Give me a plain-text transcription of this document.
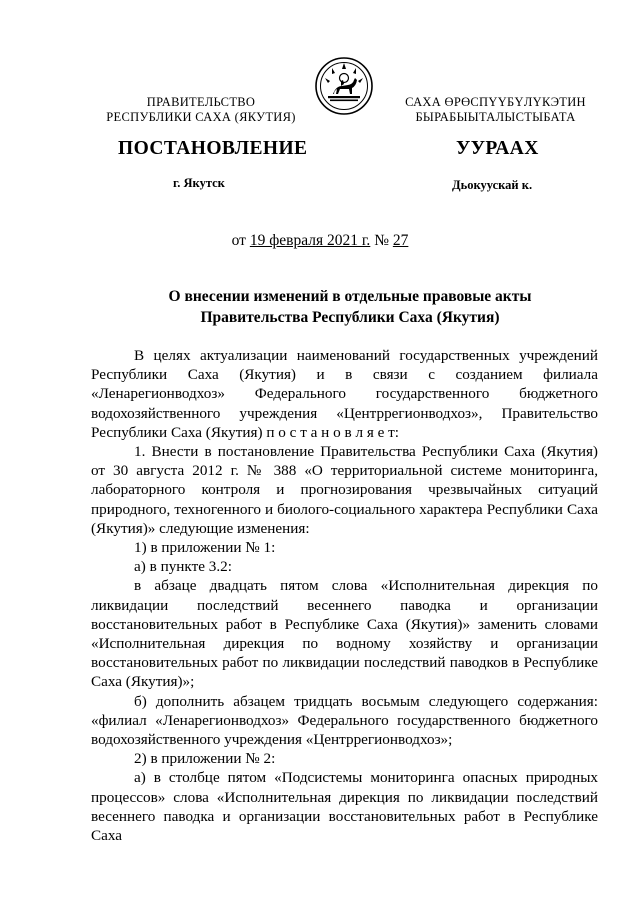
ПРАВИТЕЛЬСТВО
РЕСПУБЛИКИ САХА (ЯКУТИЯ)
САХА ӨРӨСПҮҮБҮЛҮКЭТИН
БЫРАБЫЫТАЛЫСТЫБАТА
ПОСТАНОВЛЕНИЕ	УУРААХ
г. Якутск	Дьокуускай к.
от 19 февраля 2021 г. № 27
О внесении изменений в отдельные правовые акты
Правительства Республики Саха (Якутия)

В целях актуализации наименований государственных учреждений Республики Саха (Якутия) и в связи с созданием филиала «Ленарегионводхоз» Федерального государственного бюджетного водохозяйственного учреждения «Центррегионводхоз», Правительство Республики Саха (Якутия) п о с т а н о в л я е т:

1. Внести в постановление Правительства Республики Саха (Якутия) от 30 августа 2012 г. № 388 «О территориальной системе мониторинга, лабораторного контроля и прогнозирования чрезвычайных ситуаций природного, техногенного и биолого-социального характера Республики Саха (Якутия)» следующие изменения:

1) в приложении № 1:

а) в пункте 3.2:

в абзаце двадцать пятом слова «Исполнительная дирекция по ликвидации последствий весеннего паводка и организации восстановительных работ в Республике Саха (Якутия)» заменить словами «Исполнительная дирекция по водному хозяйству и организации восстановительных работ по ликвидации последствий паводков в Республике Саха (Якутия)»;

б) дополнить абзацем тридцать восьмым следующего содержания: «филиал «Ленарегионводхоз» Федерального государственного бюджетного водохозяйственного учреждения «Центррегионводхоз»;

2) в приложении № 2:

а) в столбце пятом «Подсистемы мониторинга опасных природных процессов» слова «Исполнительная дирекция по ликвидации последствий весеннего паводка и организации восстановительных работ в Республике Саха
